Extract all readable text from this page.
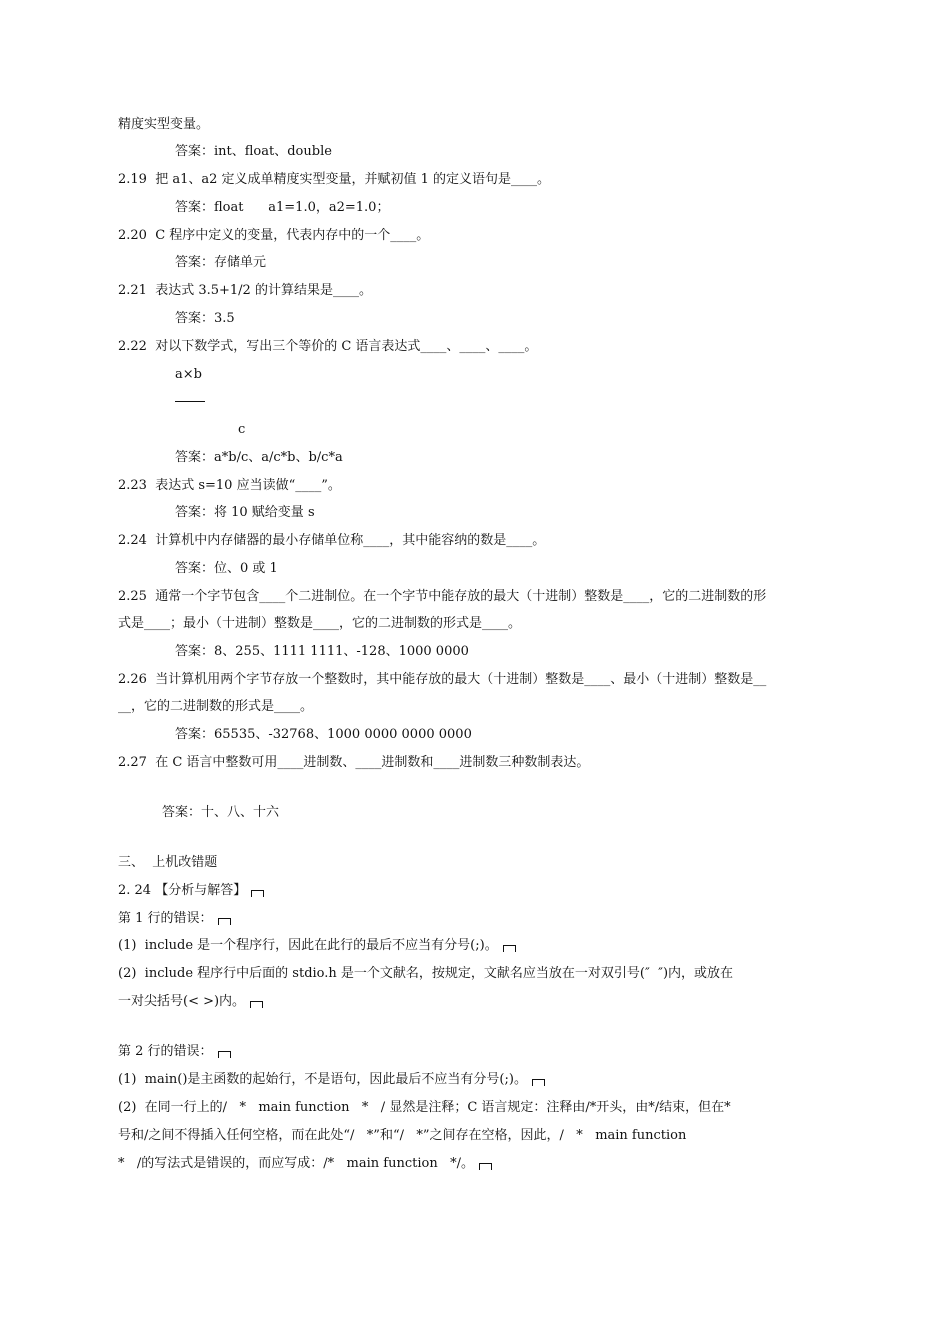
精度实型变量。
答案：int、float、double
2.19  把 a1、a2 定义成单精度实型变量，并赋初值 1 的定义语句是____。
答案：float      a1=1.0，a2=1.0；
2.20  C 程序中定义的变量，代表内存中的一个____。
答案：存储单元
2.21  表达式 3.5+1/2 的计算结果是____。
答案：3.5
2.22  对以下数学式，写出三个等价的 C 语言表达式____、____、____。
a×b
c
答案：a*b/c、a/c*b、b/c*a
2.23  表达式 s=10 应当读做“____”。
答案：将 10 赋给变量 s
2.24  计算机中内存储器的最小存储单位称____，其中能容纳的数是____。
答案：位、0 或 1
2.25  通常一个字节包含____个二进制位。在一个字节中能存放的最大（十进制）整数是____，它的二进制数的形
式是____；最小（十进制）整数是____，它的二进制数的形式是____。
答案：8、255、1111 1111、-128、1000 0000
2.26  当计算机用两个字节存放一个整数时，其中能存放的最大（十进制）整数是____、最小（十进制）整数是__
__，它的二进制数的形式是____。
答案：65535、-32768、1000 0000 0000 0000
2.27  在 C 语言中整数可用____进制数、____进制数和____进制数三种数制表达。
答案：十、八、十六
三、  上机改错题
2. 24 【分析与解答】
第 1 行的错误：
(1)  include 是一个程序行，因此在此行的最后不应当有分号(;)。
(2)  include 程序行中后面的 stdio.h 是一个文献名，按规定，文献名应当放在一对双引号(″  ″)内，或放在
一对尖括号(< >)内。
第 2 行的错误：
(1)  main()是主函数的起始行，不是语句，因此最后不应当有分号(;)。
(2)  在同一行上的/   *   main function   *   / 显然是注释；C 语言规定：注释由/*开头，由*/结束，但在*
号和/之间不得插入任何空格，而在此处“/   *”和“/   *”之间存在空格，因此，/   *   main function
*   /的写法式是错误的，而应写成：/*   main function   */。
